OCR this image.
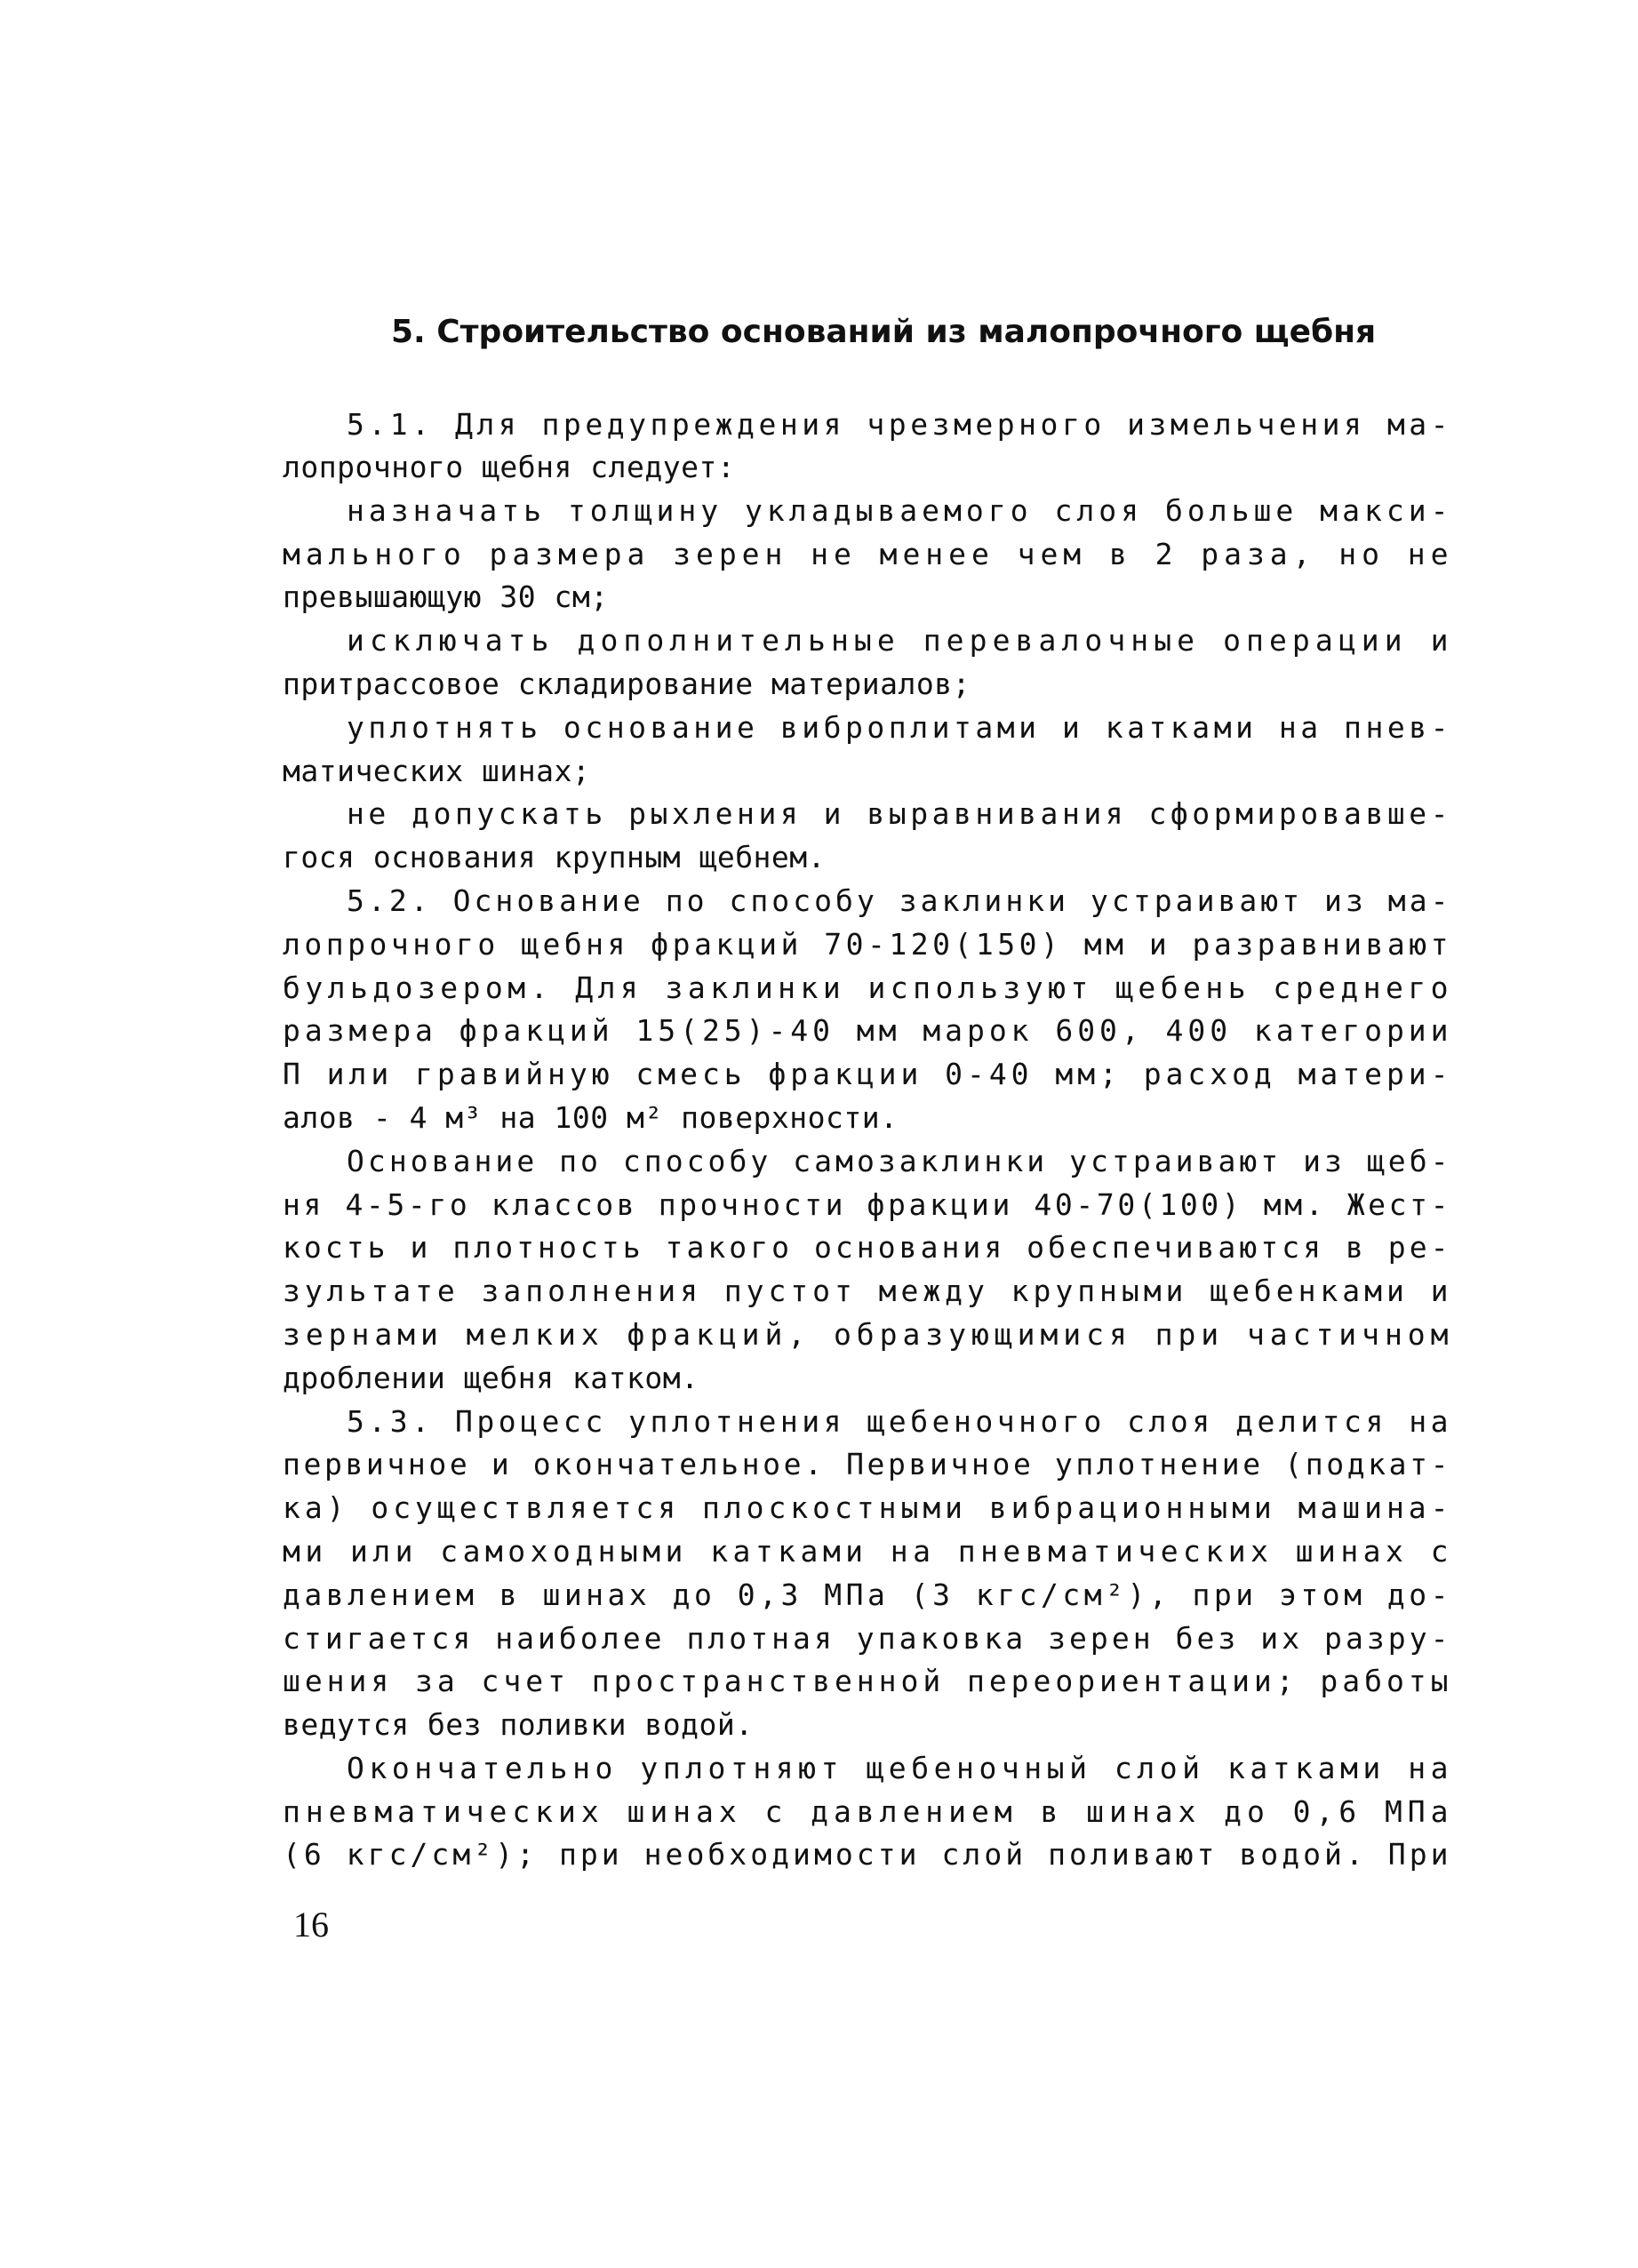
5. Строительство оснований из малопрочного щебня
5.1. Для предупреждения чрезмерного измельчения ма-
лопрочного щебня следует:
назначать толщину укладываемого слоя больше макси-
мального размера зерен не менее чем в 2 раза, но не
превышающую 30 см;
исключать дополнительные перевалочные операции и
притрассовое складирование материалов;
уплотнять основание виброплитами и катками на пнев-
матических шинах;
не допускать рыхления и выравнивания сформировавше-
гося основания крупным щебнем.
5.2. Основание по способу заклинки устраивают из ма-
лопрочного щебня фракций 70-120(150) мм и разравнивают
бульдозером. Для заклинки используют щебень среднего
размера фракций 15(25)-40 мм марок 600, 400 категории
П или гравийную смесь фракции 0-40 мм; расход матери-
алов - 4 м³ на 100 м² поверхности.
Основание по способу самозаклинки устраивают из щеб-
ня 4-5-го классов прочности фракции 40-70(100) мм. Жест-
кость и плотность такого основания обеспечиваются в ре-
зультате заполнения пустот между крупными щебенками и
зернами мелких фракций, образующимися при частичном
дроблении щебня катком.
5.3. Процесс уплотнения щебеночного слоя делится на
первичное и окончательное. Первичное уплотнение (подкат-
ка) осуществляется плоскостными вибрационными машина-
ми или самоходными катками на пневматических шинах с
давлением в шинах до 0,3 МПа (3 кгс/см²), при этом до-
стигается наиболее плотная упаковка зерен без их разру-
шения за счет пространственной переориентации; работы
ведутся без поливки водой.
Окончательно уплотняют щебеночный слой катками на
пневматических шинах с давлением в шинах до 0,6 МПа
(6 кгс/см²); при необходимости слой поливают водой. При
16
